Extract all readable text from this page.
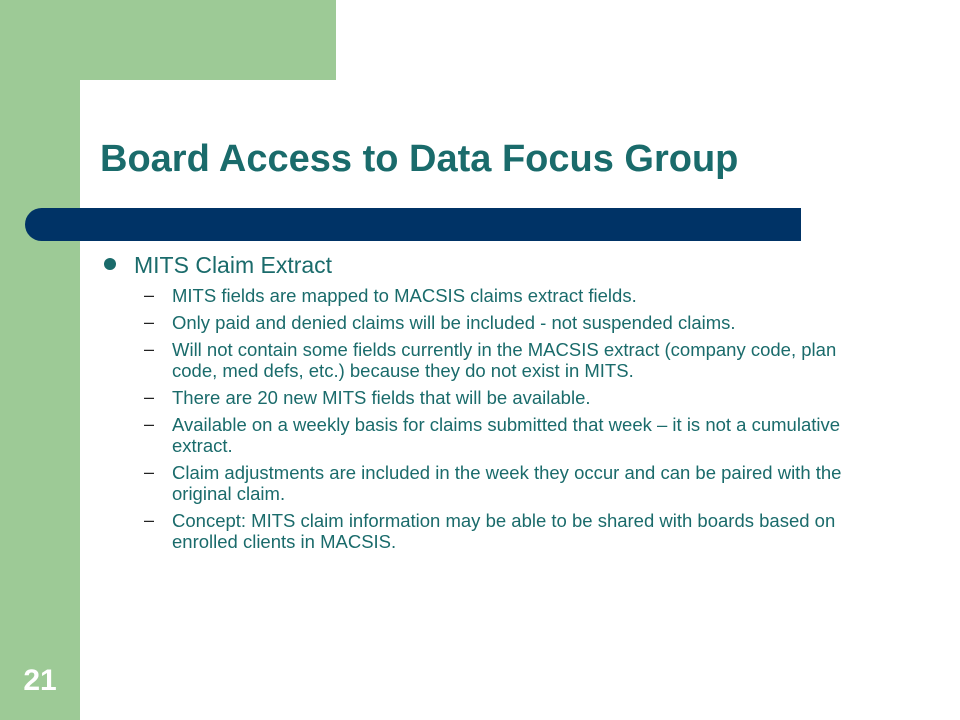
Board Access to Data Focus Group
MITS Claim Extract
– MITS fields are mapped to MACSIS claims extract fields.
– Only paid and denied claims will be included - not suspended claims.
– Will not contain some fields currently in the MACSIS extract (company code, plan code, med defs, etc.) because they do not exist in MITS.
– There are 20 new MITS fields that will be available.
– Available on a weekly basis for claims submitted that week – it is not a cumulative extract.
– Claim adjustments are included in the week they occur and can be paired with the original claim.
– Concept: MITS claim information may be able to be shared with boards based on enrolled clients in MACSIS.
21
